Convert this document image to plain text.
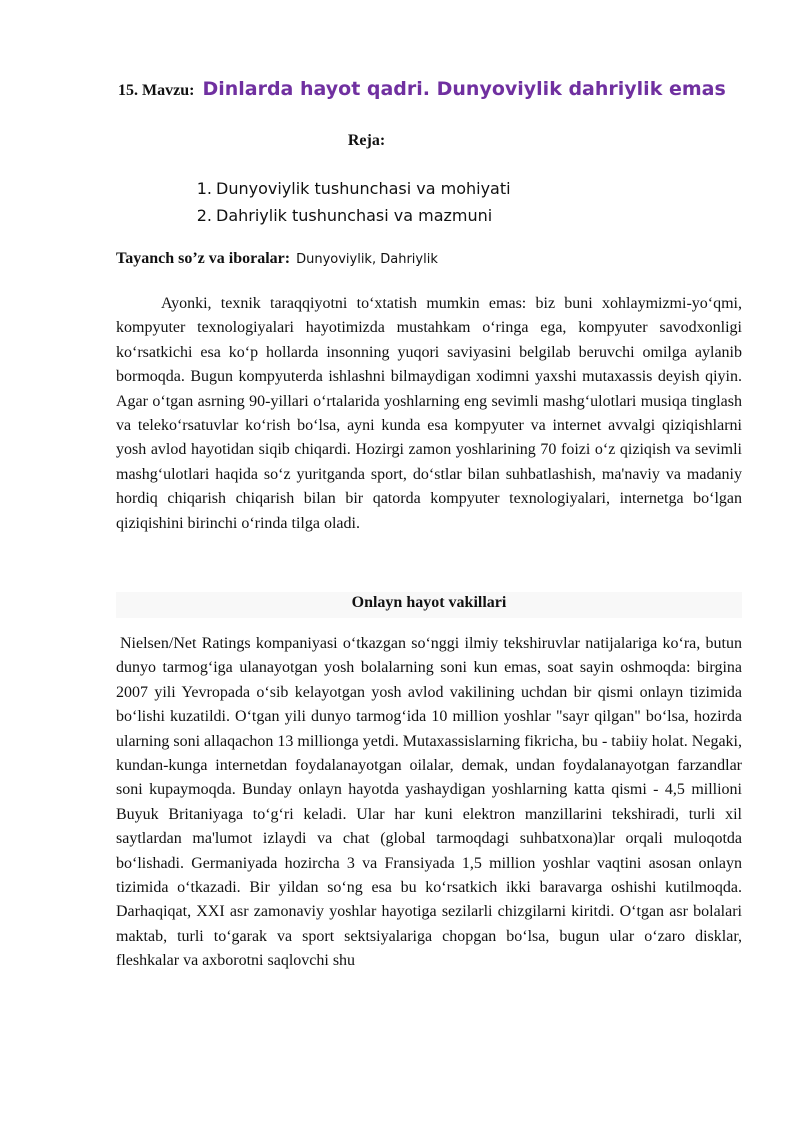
15. Mavzu: Dinlarda hayot qadri. Dunyoviylik dahriylik emas
Reja:
1. Dunyoviylik tushunchasi va mohiyati
2. Dahriylik tushunchasi va mazmuni
Tayanch so’z va iboralar: Dunyoviylik, Dahriylik

Ayonki, texnik taraqqiyotni to‘xtatish mumkin emas: biz buni xohlaymizmi-yo‘qmi, kompyuter texnologiyalari hayotimizda mustahkam o‘ringa ega, kompyuter savodxonligi ko‘rsatkichi esa ko‘p hollarda insonning yuqori saviyasini belgilab beruvchi omilga aylanib bormoqda. Bugun kompyuterda ishlashni bilmaydigan xodimni yaxshi mutaxassis deyish qiyin. Agar o‘tgan asrning 90-yillari o‘rtalarida yoshlarning eng sevimli mashg‘ulotlari musiqa tinglash va teleko‘rsatuvlar ko‘rish bo‘lsa, ayni kunda esa kompyuter va internet avvalgi qiziqishlarni yosh avlod hayotidan siqib chiqardi. Hozirgi zamon yoshlarining 70 foizi o‘z qiziqish va sevimli mashg‘ulotlari haqida so‘z yuritganda sport, do‘stlar bilan suhbatlashish, ma'naviy va madaniy hordiq chiqarish chiqarish bilan bir qatorda kompyuter texnologiyalari, internetga bo‘lgan qiziqishini birinchi o‘rinda tilga oladi.

Onlayn hayot vakillari

Nielsen/Net Ratings kompaniyasi o‘tkazgan so‘nggi ilmiy tekshiruvlar natijalariga ko‘ra, butun dunyo tarmog‘iga ulanayotgan yosh bolalarning soni kun emas, soat sayin oshmoqda: birgina 2007 yili Yevropada o‘sib kelayotgan yosh avlod vakilining uchdan bir qismi onlayn tizimida bo‘lishi kuzatildi. O‘tgan yili dunyo tarmog‘ida 10 million yoshlar "sayr qilgan" bo‘lsa, hozirda ularning soni allaqachon 13 millionga yetdi. Mutaxassislarning fikricha, bu - tabiiy holat. Negaki, kundan-kunga internetdan foydalanayotgan oilalar, demak, undan foydalanayotgan farzandlar soni kupaymoqda. Bunday onlayn hayotda yashaydigan yoshlarning katta qismi - 4,5 millioni Buyuk Britaniyaga to‘g‘ri keladi. Ular har kuni elektron manzillarini tekshiradi, turli xil saytlardan ma'lumot izlaydi va chat (global tarmoqdagi suhbatxona)lar orqali muloqotda bo‘lishadi. Germaniyada hozircha 3 va Fransiyada 1,5 million yoshlar vaqtini asosan onlayn tizimida o‘tkazadi. Bir yildan so‘ng esa bu ko‘rsatkich ikki baravarga oshishi kutilmoqda. Darhaqiqat, XXI asr zamonaviy yoshlar hayotiga sezilarli chizgilarni kiritdi. O‘tgan asr bolalari maktab, turli to‘garak va sport sektsiyalariga chopgan bo‘lsa, bugun ular o‘zaro disklar, fleshkalar va axborotni saqlovchi shu
